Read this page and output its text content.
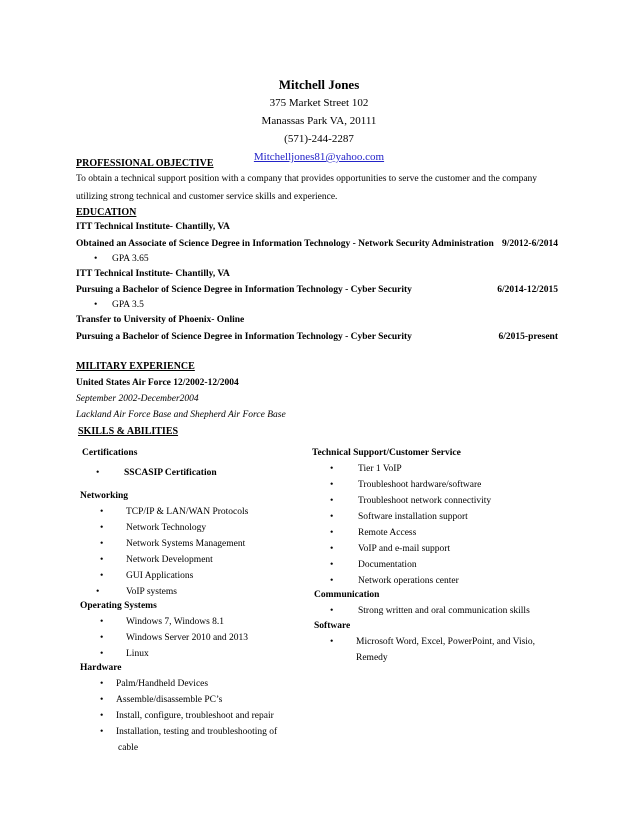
Mitchell Jones
375 Market Street 102
Manassas Park VA, 20111
(571)-244-2287
Mitchelljones81@yahoo.com
PROFESSIONAL OBJECTIVE
To obtain a technical support position with a company that provides opportunities to serve the customer and the company
utilizing strong technical and customer service skills and experience.
EDUCATION
ITT Technical Institute- Chantilly, VA
Obtained an Associate of Science Degree in Information Technology - Network Security Administration 9/2012-6/2014
• GPA 3.65
ITT Technical Institute- Chantilly, VA
Pursuing a Bachelor of Science Degree in Information Technology - Cyber Security	6/2014-12/2015
• GPA 3.5
Transfer to University of Phoenix- Online
Pursuing a Bachelor of Science Degree in Information Technology - Cyber Security	6/2015-present
MILITARY EXPERIENCE
United States Air Force 12/2002-12/2004
September 2002-December2004
Lackland Air Force Base and Shepherd Air Force Base
SKILLS & ABILITIES
Certifications
•	SSCASIP Certification
Networking
• TCP/IP & LAN/WAN Protocols
• Network Technology
• Network Systems Management
• Network Development
• GUI Applications
•	VoIP systems
Operating Systems
• Windows 7, Windows 8.1
• Windows Server 2010 and 2013
• Linux
Hardware
• Palm/Handheld Devices
• Assemble/disassemble PC’s
• Install, configure, troubleshoot and repair
• Installation, testing and troubleshooting of
cable
Technical Support/Customer Service
•	Tier 1 VoIP
•	Troubleshoot hardware/software
•	Troubleshoot network connectivity
•	Software installation support
•	Remote Access
•	VoIP and e-mail support
•	Documentation
•	Network operations center
Communication
•	Strong written and oral communication skills
Software
• Microsoft Word, Excel, PowerPoint, and Visio,
Remedy
